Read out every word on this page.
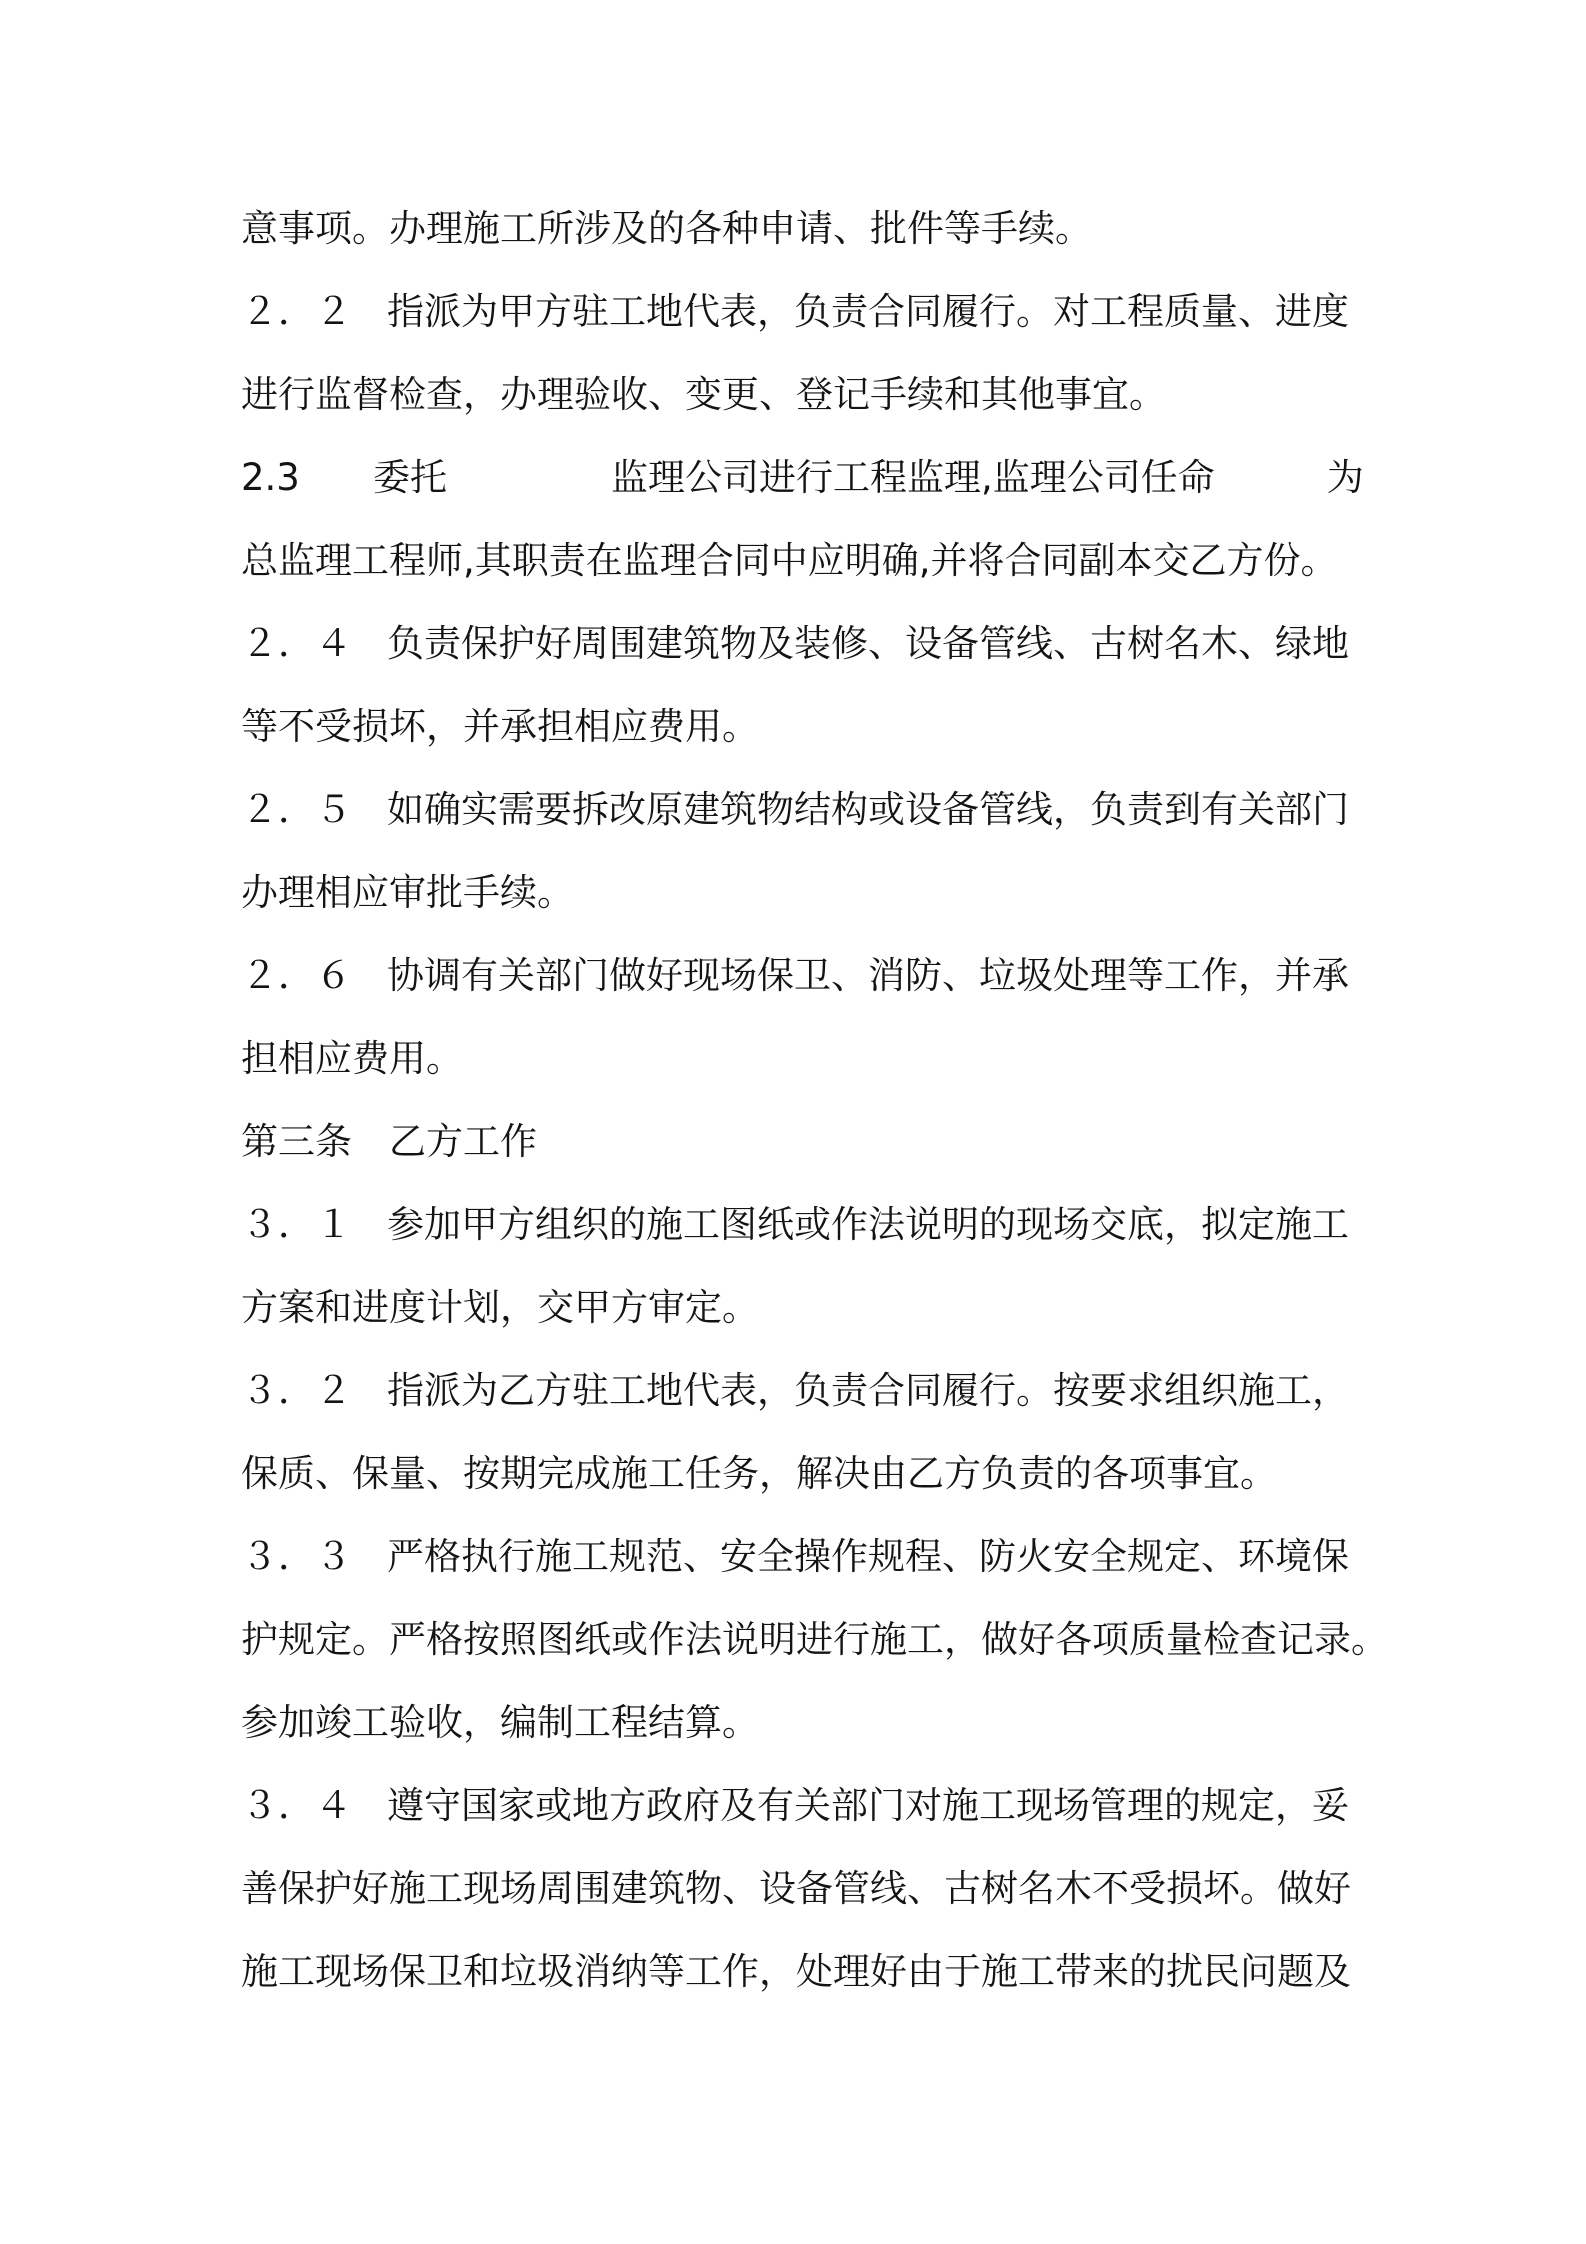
意事项。办理施工所涉及的各种申请、批件等手续。
２．２ 指派为甲方驻工地代表，负责合同履行。对工程质量、进度
进行监督检查，办理验收、变更、登记手续和其他事宜。
2.3 委托	监理公司进行工程监理,监理公司任命	为
总监理工程师,其职责在监理合同中应明确,并将合同副本交乙方份。
２．４ 负责保护好周围建筑物及装修、设备管线、古树名木、绿地
等不受损坏，并承担相应费用。
２．５ 如确实需要拆改原建筑物结构或设备管线，负责到有关部门
办理相应审批手续。
２．６ 协调有关部门做好现场保卫、消防、垃圾处理等工作，并承
担相应费用。
第三条　乙方工作
３．１ 参加甲方组织的施工图纸或作法说明的现场交底，拟定施工
方案和进度计划，交甲方审定。
３．２ 指派为乙方驻工地代表，负责合同履行。按要求组织施工，
保质、保量、按期完成施工任务，解决由乙方负责的各项事宜。
３．３ 严格执行施工规范、安全操作规程、防火安全规定、环境保
护规定。严格按照图纸或作法说明进行施工，做好各项质量检查记录。
参加竣工验收，编制工程结算。
３．４ 遵守国家或地方政府及有关部门对施工现场管理的规定，妥
善保护好施工现场周围建筑物、设备管线、古树名木不受损坏。做好
施工现场保卫和垃圾消纳等工作，处理好由于施工带来的扰民问题及
